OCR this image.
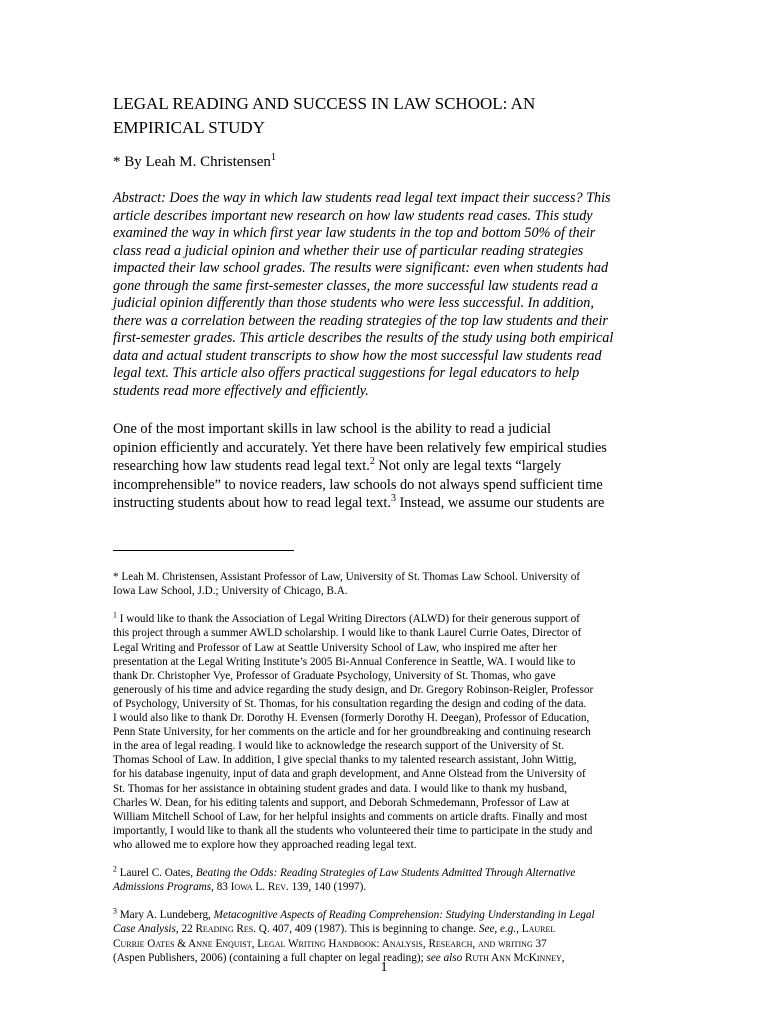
LEGAL READING AND SUCCESS IN LAW SCHOOL: AN
EMPIRICAL STUDY
* By Leah M. Christensen$^1$

Abstract: Does the way in which law students read legal text impact their success? This
article describes important new research on how law students read cases. This study
examined the way in which first year law students in the top and bottom 50% of their
class read a judicial opinion and whether their use of particular reading strategies
impacted their law school grades. The results were significant: even when students had
gone through the same first-semester classes, the more successful law students read a
judicial opinion differently than those students who were less successful. In addition,
there was a correlation between the reading strategies of the top law students and their
first-semester grades. This article describes the results of the study using both empirical
data and actual student transcripts to show how the most successful law students read
legal text. This article also offers practical suggestions for legal educators to help
students read more effectively and efficiently.

One of the most important skills in law school is the ability to read a judicial
opinion efficiently and accurately. Yet there have been relatively few empirical studies
researching how law students read legal text.$^2$ Not only are legal texts “largely
incomprehensible” to novice readers, law schools do not always spend sufficient time
instructing students about how to read legal text.$^3$ Instead, we assume our students are

* Leah M. Christensen, Assistant Professor of Law, University of St. Thomas Law School. University of
Iowa Law School, J.D.; University of Chicago, B.A.

$^1$ I would like to thank the Association of Legal Writing Directors (ALWD) for their generous support of
this project through a summer AWLD scholarship. I would like to thank Laurel Currie Oates, Director of
Legal Writing and Professor of Law at Seattle University School of Law, who inspired me after her
presentation at the Legal Writing Institute’s 2005 Bi-Annual Conference in Seattle, WA. I would like to
thank Dr. Christopher Vye, Professor of Graduate Psychology, University of St. Thomas, who gave
generously of his time and advice regarding the study design, and Dr. Gregory Robinson-Reigler, Professor
of Psychology, University of St. Thomas, for his consultation regarding the design and coding of the data.
I would also like to thank Dr. Dorothy H. Evensen (formerly Dorothy H. Deegan), Professor of Education,
Penn State University, for her comments on the article and for her groundbreaking and continuing research
in the area of legal reading. I would like to acknowledge the research support of the University of St.
Thomas School of Law. In addition, I give special thanks to my talented research assistant, John Wittig,
for his database ingenuity, input of data and graph development, and Anne Olstead from the University of
St. Thomas for her assistance in obtaining student grades and data. I would like to thank my husband,
Charles W. Dean, for his editing talents and support, and Deborah Schmedemann, Professor of Law at
William Mitchell School of Law, for her helpful insights and comments on article drafts. Finally and most
importantly, I would like to thank all the students who volunteered their time to participate in the study and
who allowed me to explore how they approached reading legal text.

$^2$ Laurel C. Oates, Beating the Odds: Reading Strategies of Law Students Admitted Through Alternative
Admissions Programs, 83 Iowa L. Rev. 139, 140 (1997).

$^3$ Mary A. Lundeberg, Metacognitive Aspects of Reading Comprehension: Studying Understanding in Legal
Case Analysis, 22 Reading Res. Q. 407, 409 (1987). This is beginning to change. See, e.g., Laurel
Currie Oates & Anne Enquist, Legal Writing Handbook: Analysis, Research, and writing 37
(Aspen Publishers, 2006) (containing a full chapter on legal reading); see also Ruth Ann McKinney,

1
